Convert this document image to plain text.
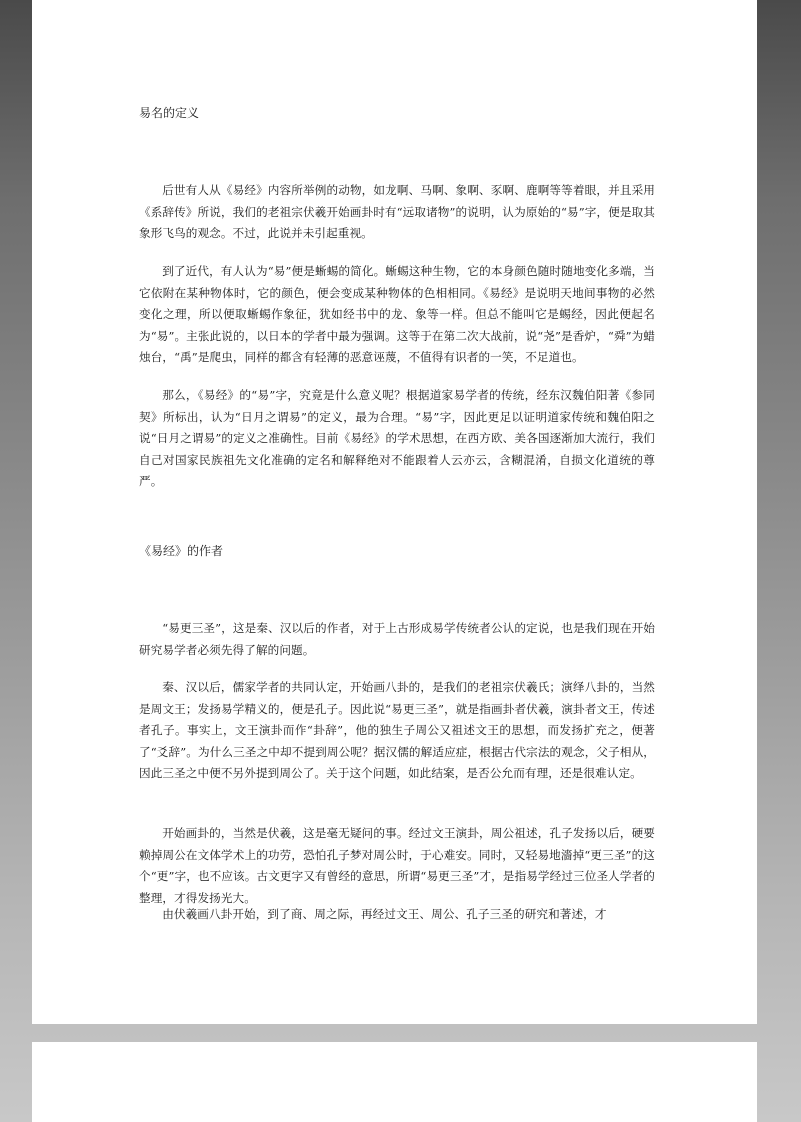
易名的定义

后世有人从《易经》内容所举例的动物，如龙啊、马啊、象啊、豕啊、鹿啊等等着眼，并且采用《系辞传》所说，我们的老祖宗伏羲开始画卦时有“远取诸物”的说明，认为原始的“易”字，便是取其象形飞鸟的观念。不过，此说并未引起重视。

到了近代，有人认为“易”便是蜥蜴的简化。蜥蜴这种生物，它的本身颜色随时随地变化多端，当它依附在某种物体时，它的颜色，便会变成某种物体的色相相同。《易经》是说明天地间事物的必然变化之理，所以便取蜥蜴作象征，犹如经书中的龙、象等一样。但总不能叫它是蜴经，因此便起名为“易”。主张此说的，以日本的学者中最为强调。这等于在第二次大战前，说“尧”是香炉，“舜”为蜡烛台，“禹”是爬虫，同样的都含有轻薄的恶意诬蔑，不值得有识者的一笑，不足道也。

那么，《易经》的“易”字，究竟是什么意义呢？根据道家易学者的传统，经东汉魏伯阳著《参同契》所标出，认为“日月之谓易”的定义，最为合理。“易”字，因此更足以证明道家传统和魏伯阳之说“日月之谓易”的定义之准确性。目前《易经》的学术思想，在西方欧、美各国逐渐加大流行，我们自己对国家民族祖先文化准确的定名和解释绝对不能跟着人云亦云，含糊混淆，自损文化道统的尊严。

《易经》的作者

“易更三圣”，这是秦、汉以后的作者，对于上古形成易学传统者公认的定说，也是我们现在开始研究易学者必须先得了解的问题。

秦、汉以后，儒家学者的共同认定，开始画八卦的，是我们的老祖宗伏羲氏；演绎八卦的，当然是周文王；发扬易学精义的，便是孔子。因此说“易更三圣”，就是指画卦者伏羲，演卦者文王，传述者孔子。事实上，文王演卦而作“卦辞”，他的独生子周公又祖述文王的思想，而发扬扩充之，便著了“爻辞”。为什么三圣之中却不提到周公呢？据汉儒的解适应症，根据古代宗法的观念，父子相从，因此三圣之中便不另外提到周公了。关于这个问题，如此结案，是否公允而有理，还是很难认定。

开始画卦的，当然是伏羲，这是毫无疑问的事。经过文王演卦，周公祖述，孔子发扬以后，硬要赖掉周公在文体学术上的功劳，恐怕孔子梦对周公时，于心难安。同时，又轻易地濇掉“更三圣”的这个“更”字，也不应该。古文更字又有曾经的意思，所谓“易更三圣”才，是指易学经过三位圣人学者的整理，才得发扬光大。

由伏羲画八卦开始，到了商、周之际，再经过文王、周公、孔子三圣的研究和著述，才
